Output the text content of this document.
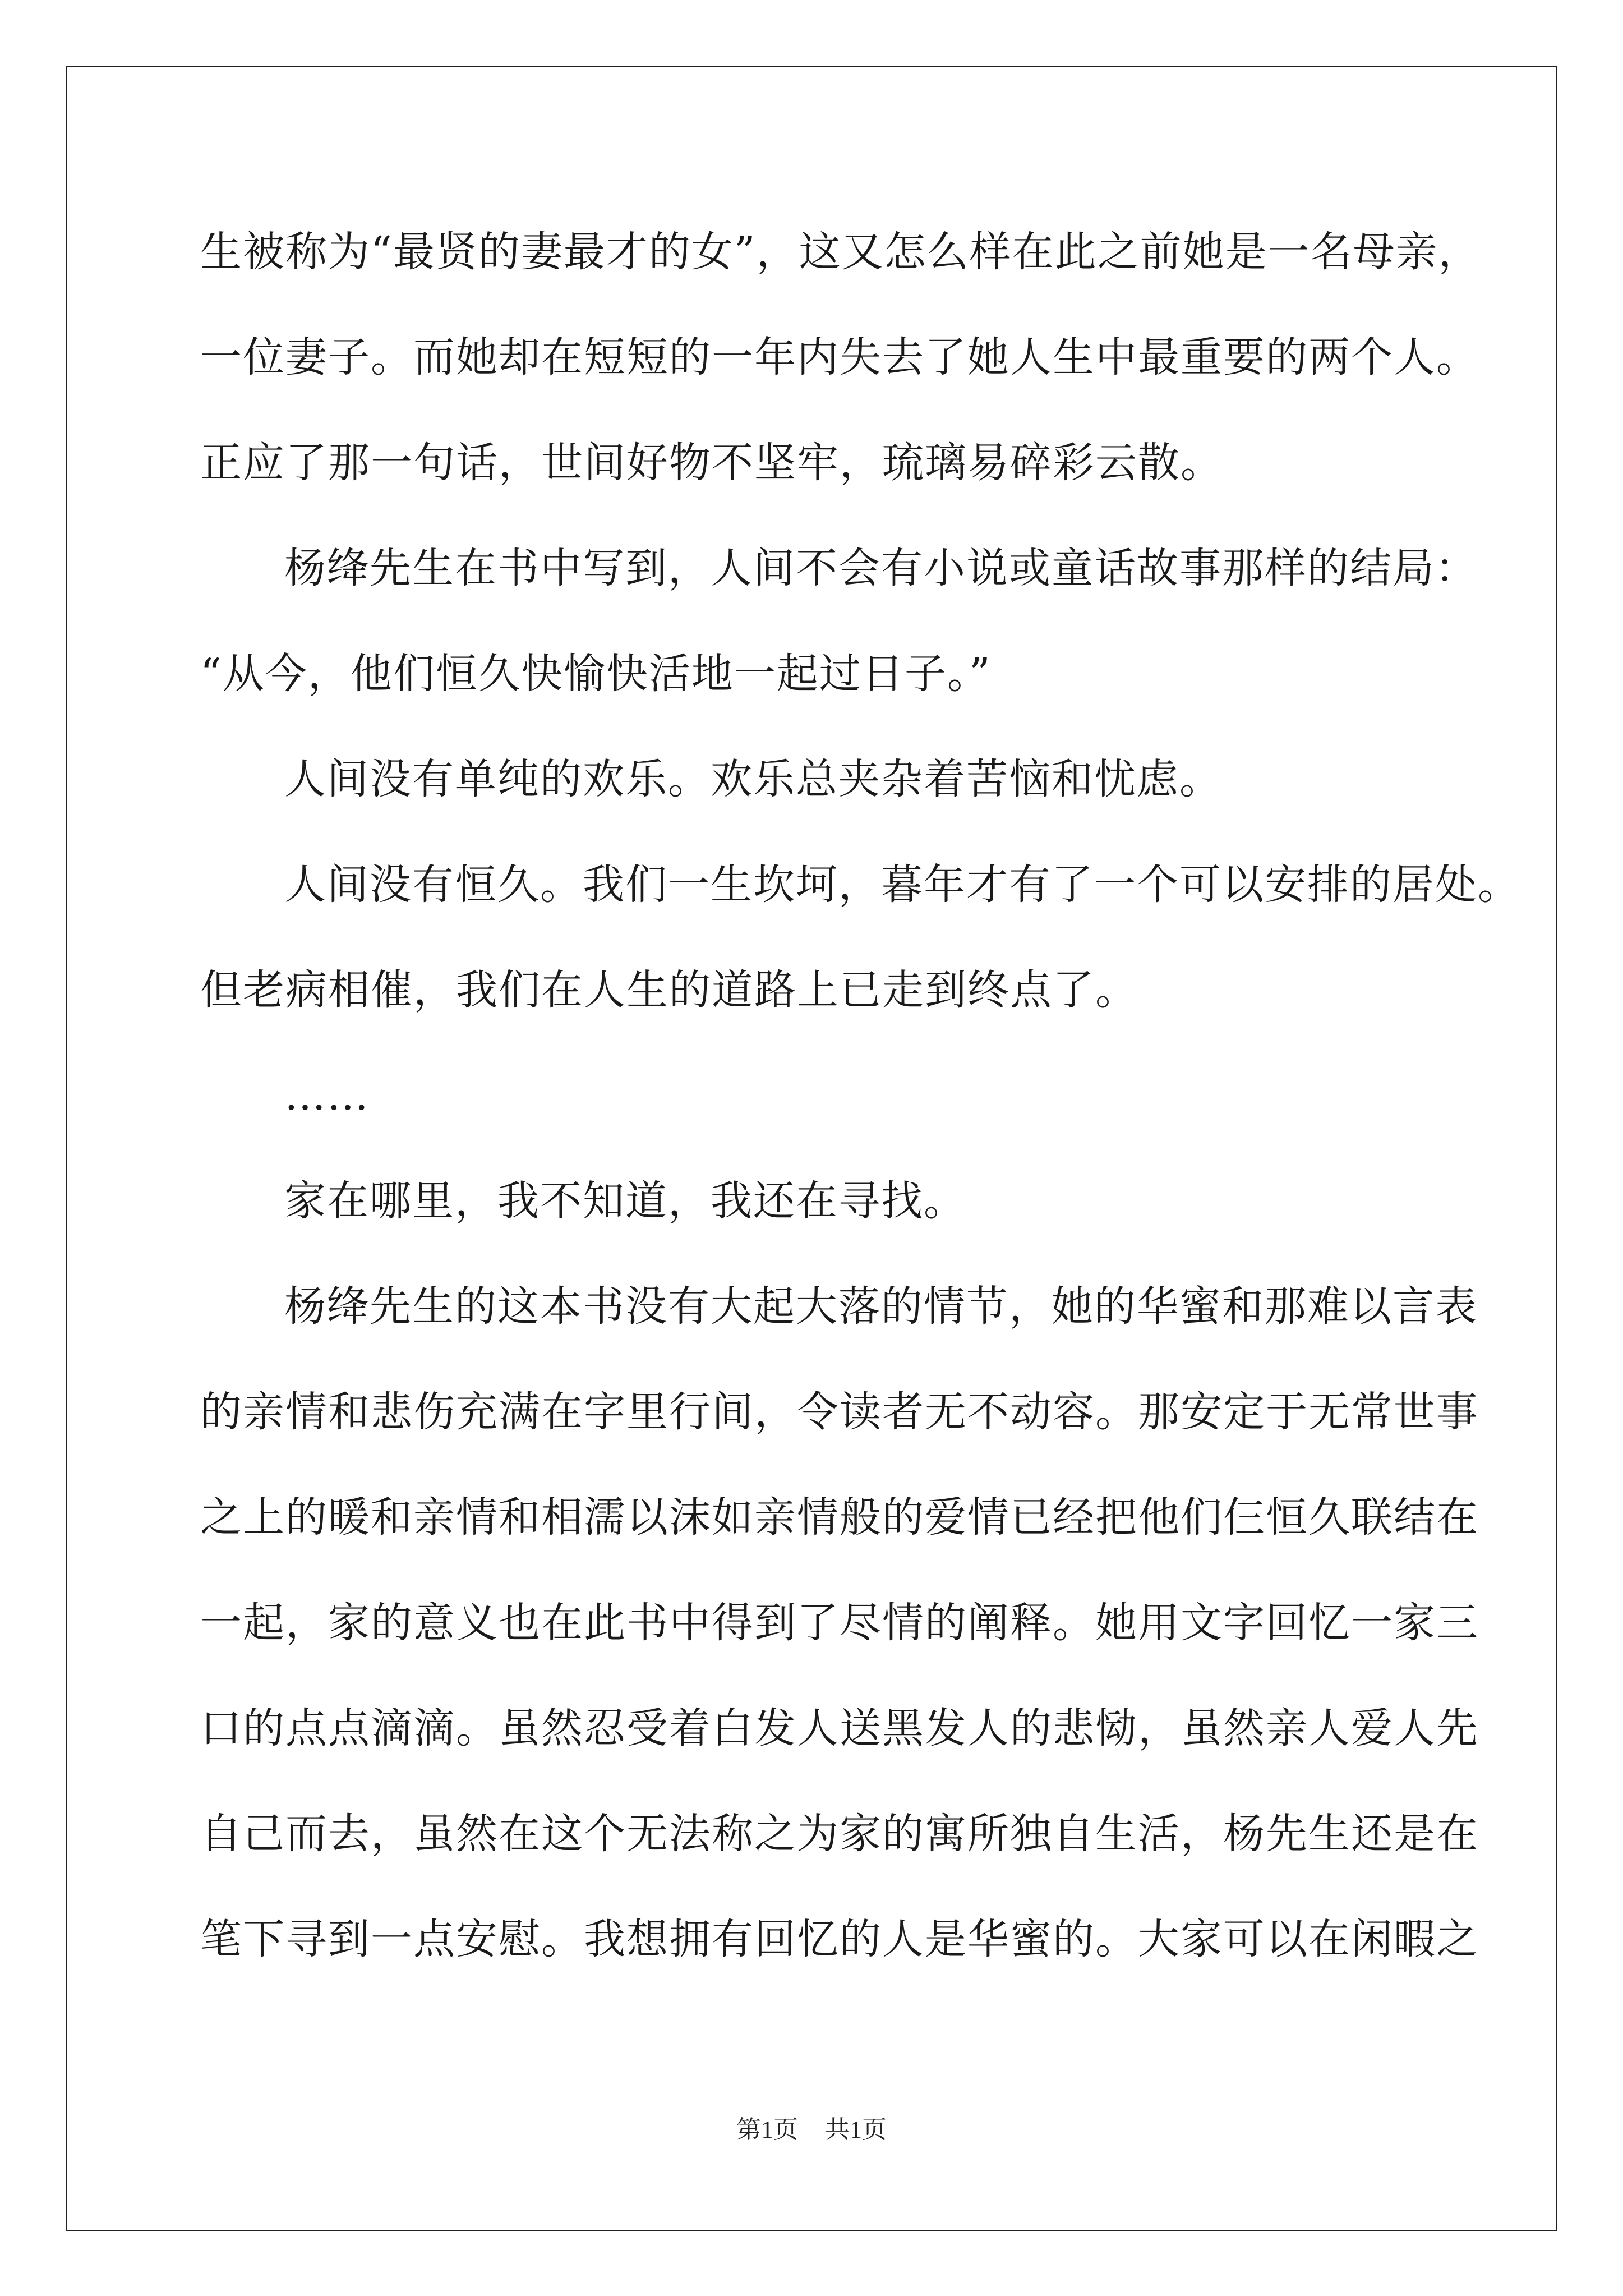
生被称为“最贤的妻最才的女”，这又怎么样在此之前她是一名母亲，
一位妻子。而她却在短短的一年内失去了她人生中最重要的两个人。
正应了那一句话，世间好物不坚牢，琉璃易碎彩云散。
杨绛先生在书中写到，人间不会有小说或童话故事那样的结局：
“从今，他们恒久快愉快活地一起过日子。”
人间没有单纯的欢乐。欢乐总夹杂着苦恼和忧虑。
人间没有恒久。我们一生坎坷，暮年才有了一个可以安排的居处。
但老病相催，我们在人生的道路上已走到终点了。
……
家在哪里，我不知道，我还在寻找。
杨绛先生的这本书没有大起大落的情节，她的华蜜和那难以言表
的亲情和悲伤充满在字里行间，令读者无不动容。那安定于无常世事
之上的暖和亲情和相濡以沫如亲情般的爱情已经把他们仨恒久联结在
一起，家的意义也在此书中得到了尽情的阐释。她用文字回忆一家三
口的点点滴滴。虽然忍受着白发人送黑发人的悲恸，虽然亲人爱人先
自己而去，虽然在这个无法称之为家的寓所独自生活，杨先生还是在
笔下寻到一点安慰。我想拥有回忆的人是华蜜的。大家可以在闲暇之
第1页 共1页
